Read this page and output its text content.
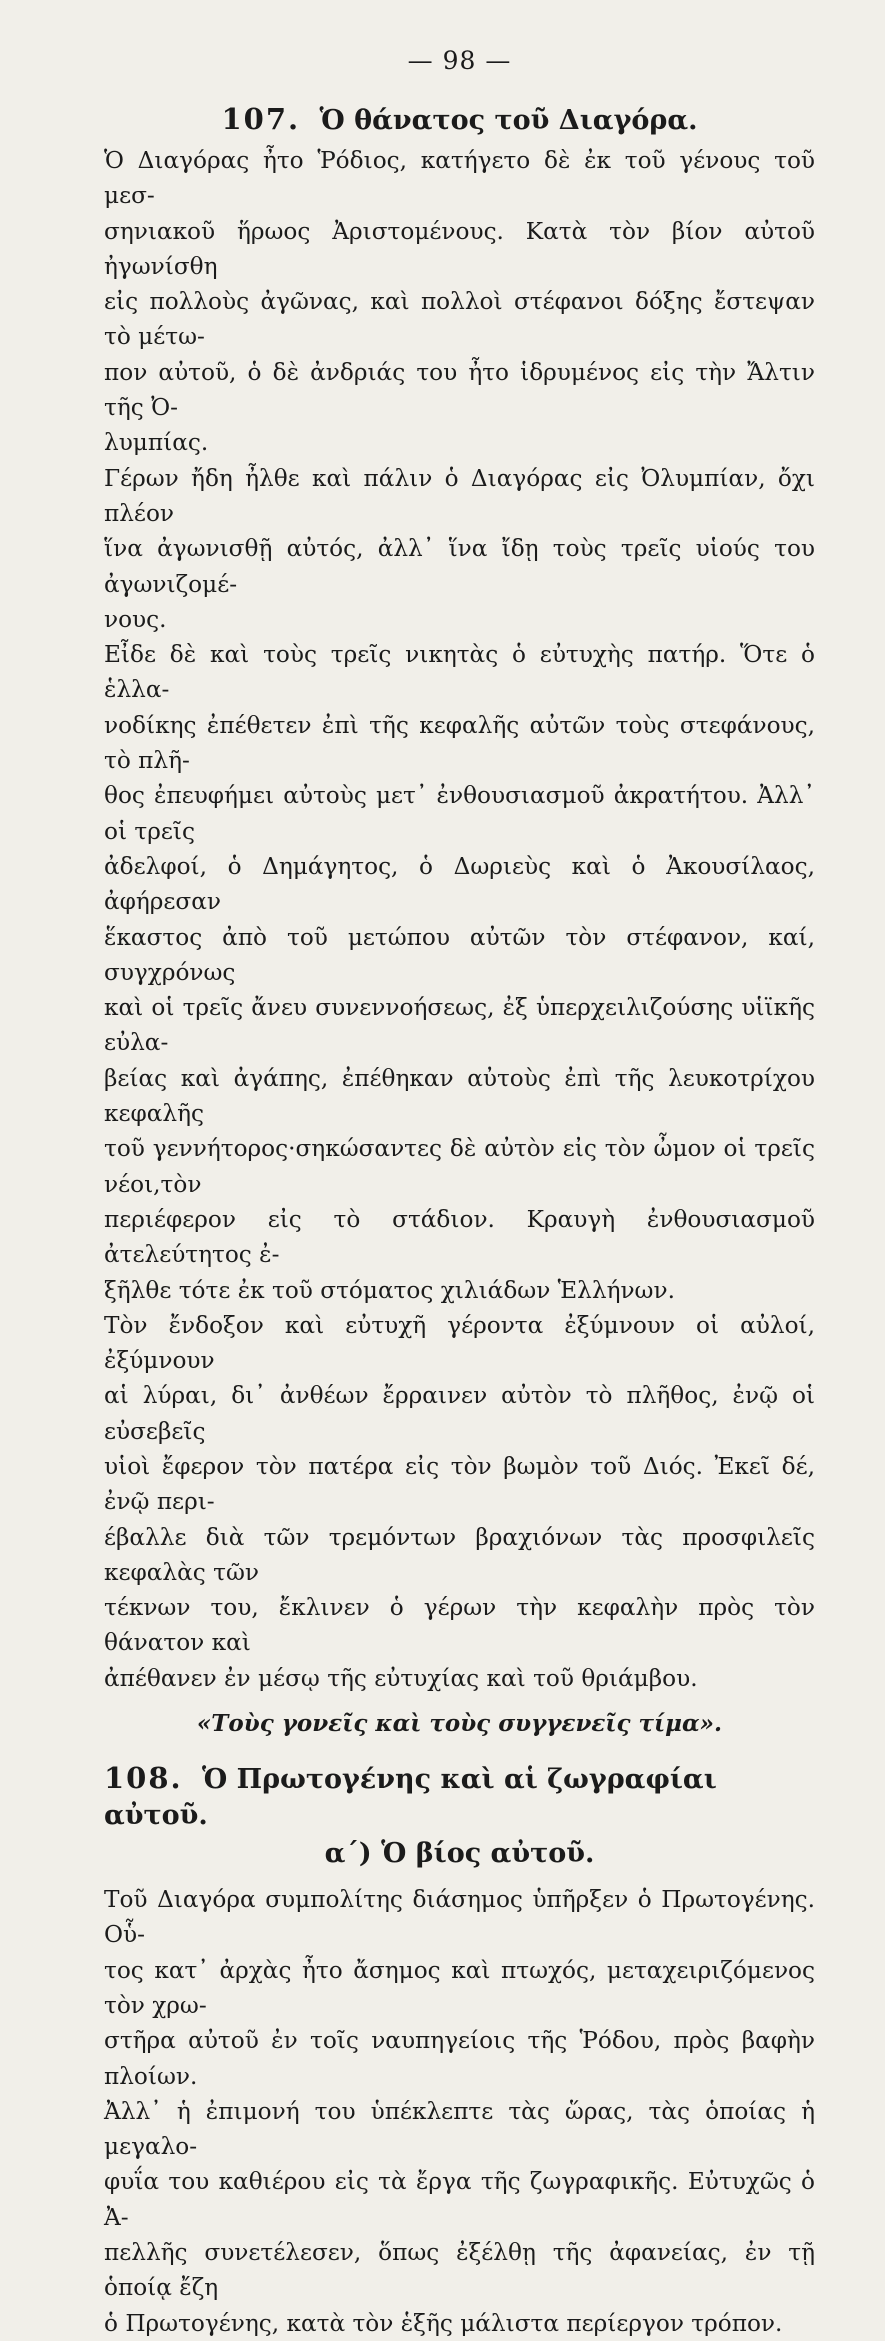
— 98 —
107. Ὁ θάνατος τοῦ Διαγόρα.

Ὁ Διαγόρας ἦτο Ῥόδιος, κατήγετο δὲ ἐκ τοῦ γένους τοῦ μεσ-
σηνιακοῦ ἥρωος Ἀριστομένους. Κατὰ τὸν βίον αὐτοῦ ἠγωνίσθη
εἰς πολλοὺς ἀγῶνας, καὶ πολλοὶ στέφανοι δόξης ἔστεψαν τὸ μέτω-
πον αὐτοῦ, ὁ δὲ ἀνδριάς του ἦτο ἱδρυμένος εἰς τὴν Ἄλτιν τῆς Ὀ-
λυμπίας.

Γέρων ἤδη ἦλθε καὶ πάλιν ὁ Διαγόρας εἰς Ὀλυμπίαν, ὄχι πλέον
ἵνα ἀγωνισθῇ αὐτός, ἀλλ᾽ ἵνα ἴδῃ τοὺς τρεῖς υἱούς του ἀγωνιζομέ-
νους.

Εἶδε δὲ καὶ τοὺς τρεῖς νικητὰς ὁ εὐτυχὴς πατήρ. Ὅτε ὁ ἑλλα-
νοδίκης ἐπέθετεν ἐπὶ τῆς κεφαλῆς αὐτῶν τοὺς στεφάνους, τὸ πλῆ-
θος ἐπευφήμει αὐτοὺς μετ᾽ ἐνθουσιασμοῦ ἀκρατήτου. Ἀλλ᾽ οἱ τρεῖς
ἀδελφοί, ὁ Δημάγητος, ὁ Δωριεὺς καὶ ὁ Ἀκουσίλαος, ἀφήρεσαν
ἕκαστος ἀπὸ τοῦ μετώπου αὐτῶν τὸν στέφανον, καί, συγχρόνως
καὶ οἱ τρεῖς ἄνευ συνεννοήσεως, ἐξ ὑπερχειλιζούσης υἱϊκῆς εὐλα-
βείας καὶ ἀγάπης, ἐπέθηκαν αὐτοὺς ἐπὶ τῆς λευκοτρίχου κεφαλῆς
τοῦ γεννήτορος·σηκώσαντες δὲ αὐτὸν εἰς τὸν ὦμον οἱ τρεῖς νέοι,τὸν
περιέφερον εἰς τὸ στάδιον. Κραυγὴ ἐνθουσιασμοῦ ἀτελεύτητος ἐ-
ξῆλθε τότε ἐκ τοῦ στόματος χιλιάδων Ἑλλήνων.

Τὸν ἔνδοξον καὶ εὐτυχῆ γέροντα ἐξύμνουν οἱ αὐλοί, ἐξύμνουν
αἱ λύραι, δι᾽ ἀνθέων ἔρραινεν αὐτὸν τὸ πλῆθος, ἐνῷ οἱ εὐσεβεῖς
υἱοὶ ἔφερον τὸν πατέρα εἰς τὸν βωμὸν τοῦ Διός. Ἐκεῖ δέ, ἐνῷ περι-
έβαλλε διὰ τῶν τρεμόντων βραχιόνων τὰς προσφιλεῖς κεφαλὰς τῶν
τέκνων του, ἔκλινεν ὁ γέρων τὴν κεφαλὴν πρὸς τὸν θάνατον καὶ
ἀπέθανεν ἐν μέσῳ τῆς εὐτυχίας καὶ τοῦ θριάμβου.

«Τοὺς γονεῖς καὶ τοὺς συγγενεῖς τίμα».

108. Ὁ Πρωτογένης καὶ αἱ ζωγραφίαι αὐτοῦ.
α΄) Ὁ βίος αὐτοῦ.

Τοῦ Διαγόρα συμπολίτης διάσημος ὑπῆρξεν ὁ Πρωτογένης. Οὗ-
τος κατ᾽ ἀρχὰς ἦτο ἄσημος καὶ πτωχός, μεταχειριζόμενος τὸν χρω-
στῆρα αὐτοῦ ἐν τοῖς ναυπηγείοις τῆς Ῥόδου, πρὸς βαφὴν πλοίων.
Ἀλλ᾽ ἡ ἐπιμονή του ὑπέκλεπτε τὰς ὥρας, τὰς ὁποίας ἡ μεγαλο-
φυΐα του καθιέρου εἰς τὰ ἔργα τῆς ζωγραφικῆς. Εὐτυχῶς ὁ Ἀ-
πελλῆς συνετέλεσεν, ὅπως ἐξέλθῃ τῆς ἀφανείας, ἐν τῇ ὁποίᾳ ἔζη
ὁ Πρωτογένης, κατὰ τὸν ἑξῆς μάλιστα περίεργον τρόπον.
